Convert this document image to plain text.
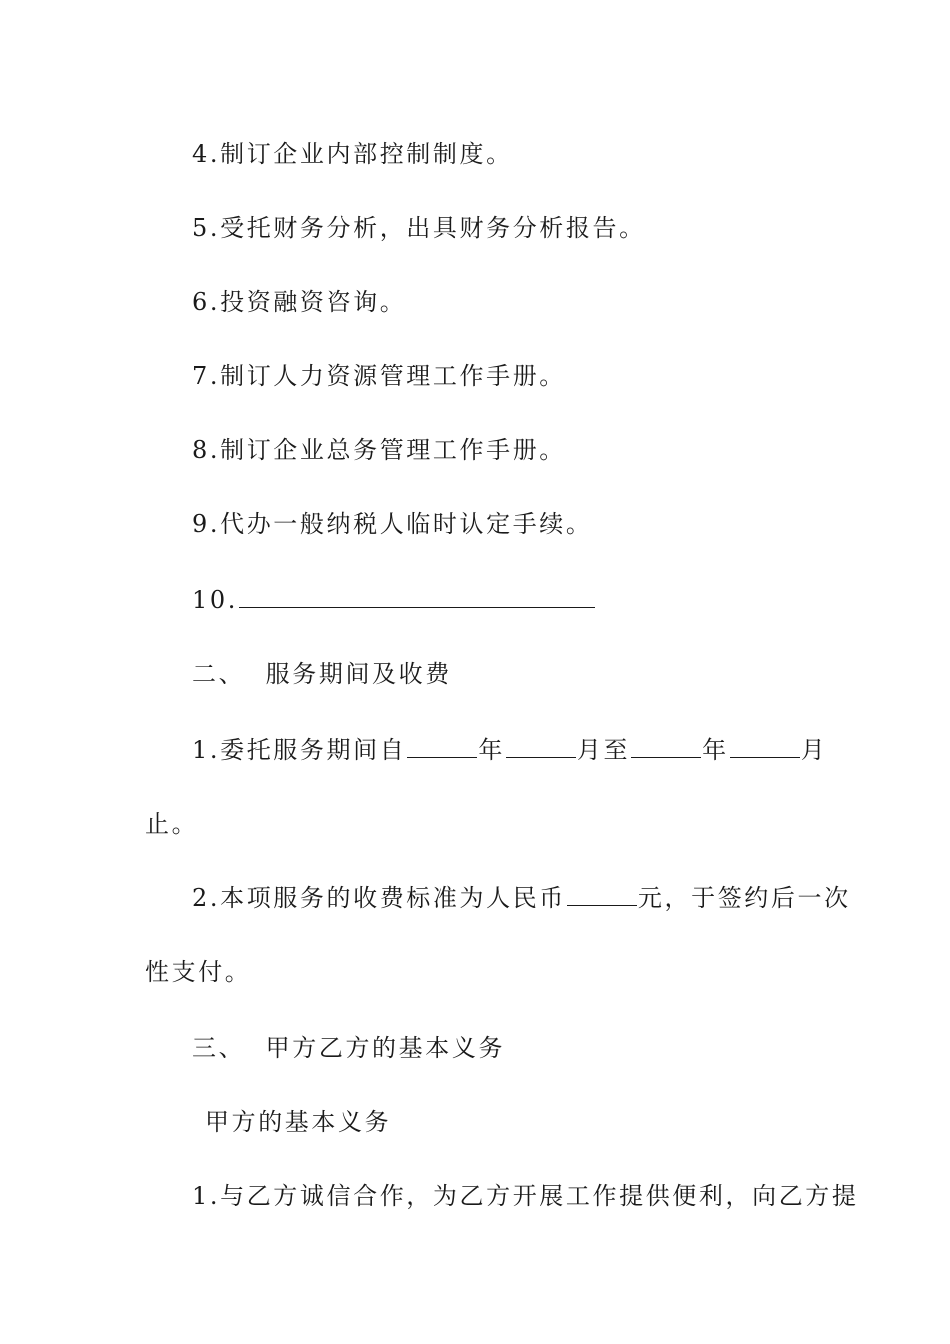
4.制订企业内部控制制度。
5.受托财务分析，出具财务分析报告。
6.投资融资咨询。
7.制订人力资源管理工作手册。
8.制订企业总务管理工作手册。
9.代办一般纳税人临时认定手续。
10.
二、  服务期间及收费
1.委托服务期间自	年	月至	年	月
止。
2.本项服务的收费标准为人民币	元，于签约后一次
性支付。
三、  甲方乙方的基本义务
甲方的基本义务
1.与乙方诚信合作，为乙方开展工作提供便利，向乙方提
